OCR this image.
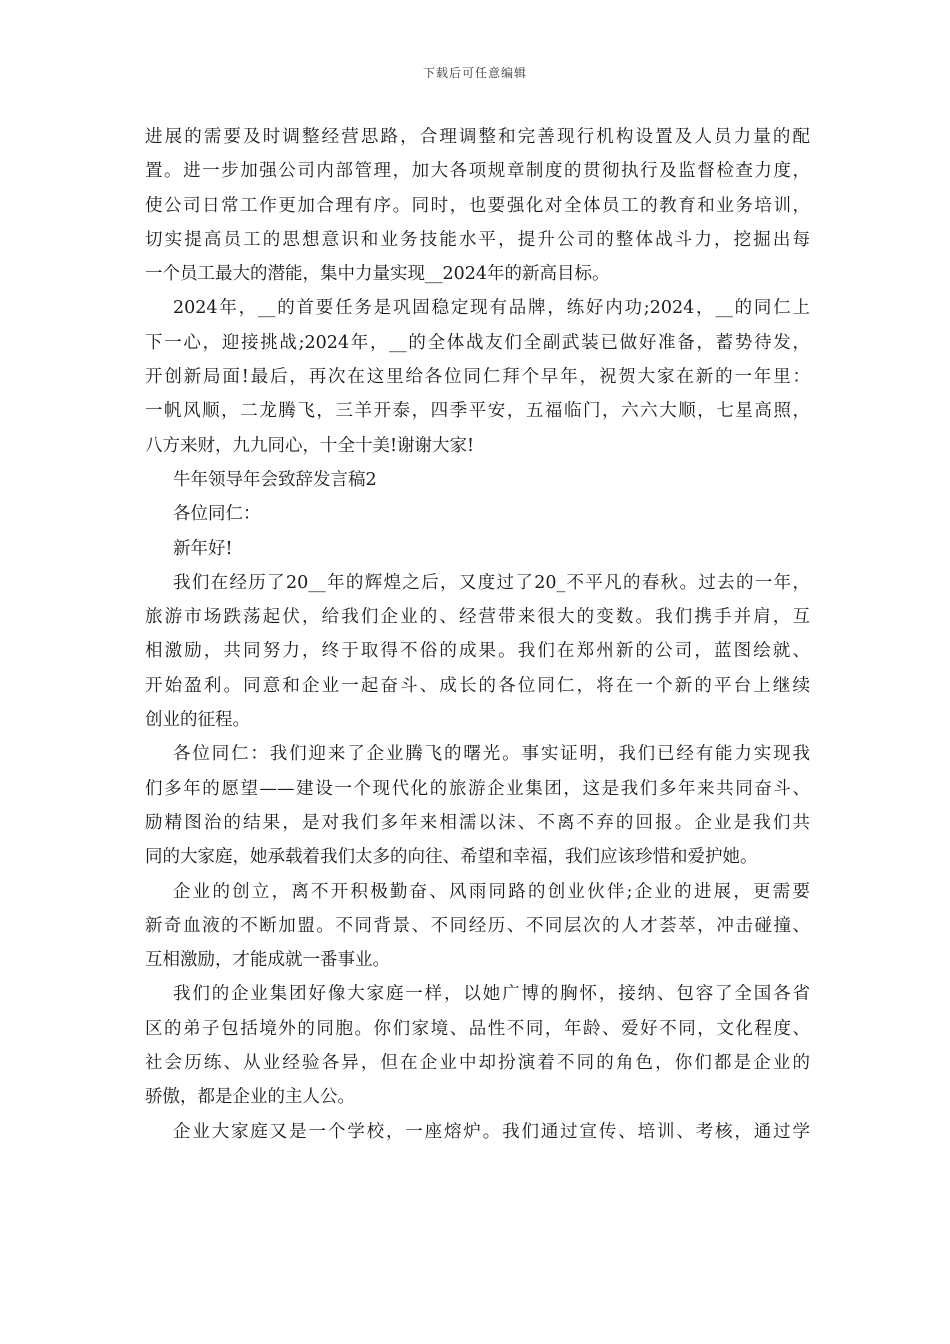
下载后可任意编辑
进展的需要及时调整经营思路，合理调整和完善现行机构设置及人员力量的配
置。进一步加强公司内部管理，加大各项规章制度的贯彻执行及监督检查力度，
使公司日常工作更加合理有序。同时，也要强化对全体员工的教育和业务培训，
切实提高员工的思想意识和业务技能水平，提升公司的整体战斗力，挖掘出每
一个员工最大的潜能，集中力量实现__2024年的新高目标。
2024年，__的首要任务是巩固稳定现有品牌，练好内功;2024，__的同仁上
下一心，迎接挑战;2024年，__的全体战友们全副武装已做好准备，蓄势待发，
开创新局面!最后，再次在这里给各位同仁拜个早年，祝贺大家在新的一年里：
一帆风顺，二龙腾飞，三羊开泰，四季平安，五福临门，六六大顺，七星高照，
八方来财，九九同心，十全十美!谢谢大家!
牛年领导年会致辞发言稿2
各位同仁：
新年好!
我们在经历了20__年的辉煌之后，又度过了20_不平凡的春秋。过去的一年，
旅游市场跌荡起伏，给我们企业的、经营带来很大的变数。我们携手并肩，互
相激励，共同努力，终于取得不俗的成果。我们在郑州新的公司，蓝图绘就、
开始盈利。同意和企业一起奋斗、成长的各位同仁，将在一个新的平台上继续
创业的征程。
各位同仁：我们迎来了企业腾飞的曙光。事实证明，我们已经有能力实现我
们多年的愿望——建设一个现代化的旅游企业集团，这是我们多年来共同奋斗、
励精图治的结果，是对我们多年来相濡以沫、不离不弃的回报。企业是我们共
同的大家庭，她承载着我们太多的向往、希望和幸福，我们应该珍惜和爱护她。
企业的创立，离不开积极勤奋、风雨同路的创业伙伴;企业的进展，更需要
新奇血液的不断加盟。不同背景、不同经历、不同层次的人才荟萃，冲击碰撞、
互相激励，才能成就一番事业。
我们的企业集团好像大家庭一样，以她广博的胸怀，接纳、包容了全国各省
区的弟子包括境外的同胞。你们家境、品性不同，年龄、爱好不同，文化程度、
社会历练、从业经验各异，但在企业中却扮演着不同的角色，你们都是企业的
骄傲，都是企业的主人公。
企业大家庭又是一个学校，一座熔炉。我们通过宣传、培训、考核，通过学
